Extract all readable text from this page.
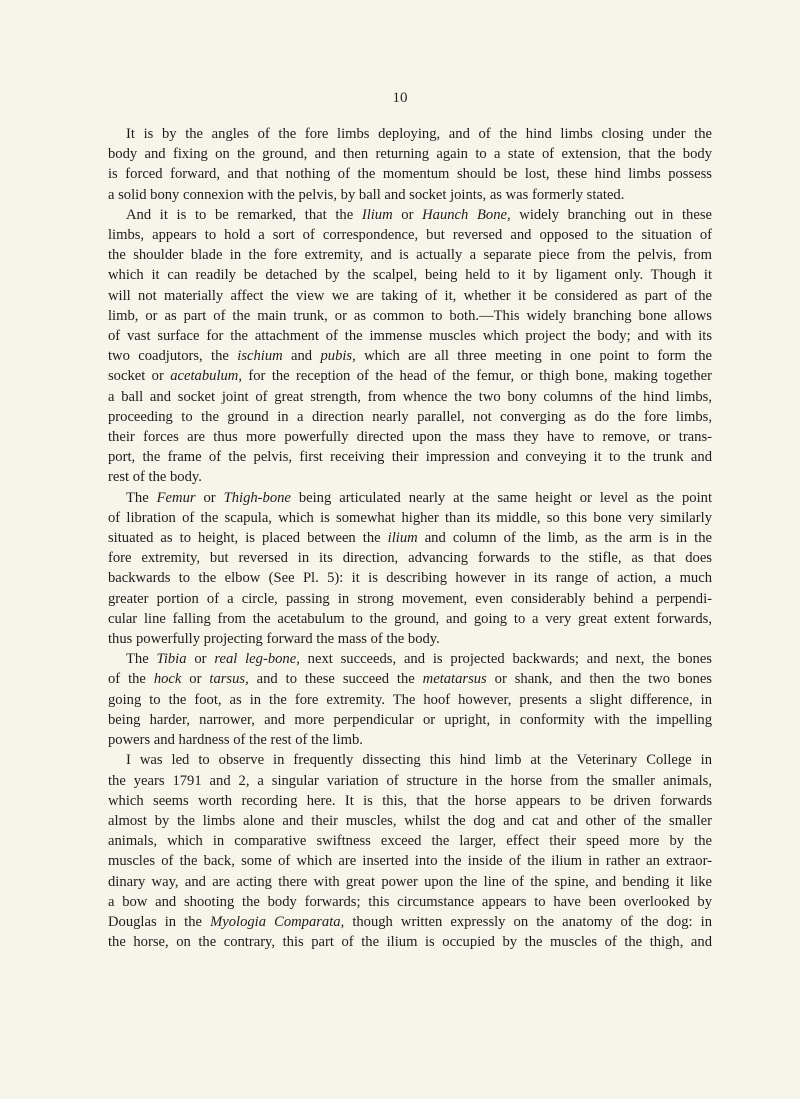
10
It is by the angles of the fore limbs deploying, and of the hind limbs closing under the
body and fixing on the ground, and then returning again to a state of extension, that the body
is forced forward, and that nothing of the momentum should be lost, these hind limbs possess
a solid bony connexion with the pelvis, by ball and socket joints, as was formerly stated.
And it is to be remarked, that the Ilium or Haunch Bone, widely branching out in these
limbs, appears to hold a sort of correspondence, but reversed and opposed to the situation of
the shoulder blade in the fore extremity, and is actually a separate piece from the pelvis, from
which it can readily be detached by the scalpel, being held to it by ligament only. Though it
will not materially affect the view we are taking of it, whether it be considered as part of the
limb, or as part of the main trunk, or as common to both.—This widely branching bone allows
of vast surface for the attachment of the immense muscles which project the body; and with its
two coadjutors, the ischium and pubis, which are all three meeting in one point to form the
socket or acetabulum, for the reception of the head of the femur, or thigh bone, making together
a ball and socket joint of great strength, from whence the two bony columns of the hind limbs,
proceeding to the ground in a direction nearly parallel, not converging as do the fore limbs,
their forces are thus more powerfully directed upon the mass they have to remove, or trans-
port, the frame of the pelvis, first receiving their impression and conveying it to the trunk and
rest of the body.
The Femur or Thigh-bone being articulated nearly at the same height or level as the point
of libration of the scapula, which is somewhat higher than its middle, so this bone very similarly
situated as to height, is placed between the ilium and column of the limb, as the arm is in the
fore extremity, but reversed in its direction, advancing forwards to the stifle, as that does
backwards to the elbow (See Pl. 5): it is describing however in its range of action, a much
greater portion of a circle, passing in strong movement, even considerably behind a perpendi-
cular line falling from the acetabulum to the ground, and going to a very great extent forwards,
thus powerfully projecting forward the mass of the body.
The Tibia or real leg-bone, next succeeds, and is projected backwards; and next, the bones
of the hock or tarsus, and to these succeed the metatarsus or shank, and then the two bones
going to the foot, as in the fore extremity. The hoof however, presents a slight difference, in
being harder, narrower, and more perpendicular or upright, in conformity with the impelling
powers and hardness of the rest of the limb.
I was led to observe in frequently dissecting this hind limb at the Veterinary College in
the years 1791 and 2, a singular variation of structure in the horse from the smaller animals,
which seems worth recording here. It is this, that the horse appears to be driven forwards
almost by the limbs alone and their muscles, whilst the dog and cat and other of the smaller
animals, which in comparative swiftness exceed the larger, effect their speed more by the
muscles of the back, some of which are inserted into the inside of the ilium in rather an extraor-
dinary way, and are acting there with great power upon the line of the spine, and bending it like
a bow and shooting the body forwards; this circumstance appears to have been overlooked by
Douglas in the Myologia Comparata, though written expressly on the anatomy of the dog: in
the horse, on the contrary, this part of the ilium is occupied by the muscles of the thigh, and
